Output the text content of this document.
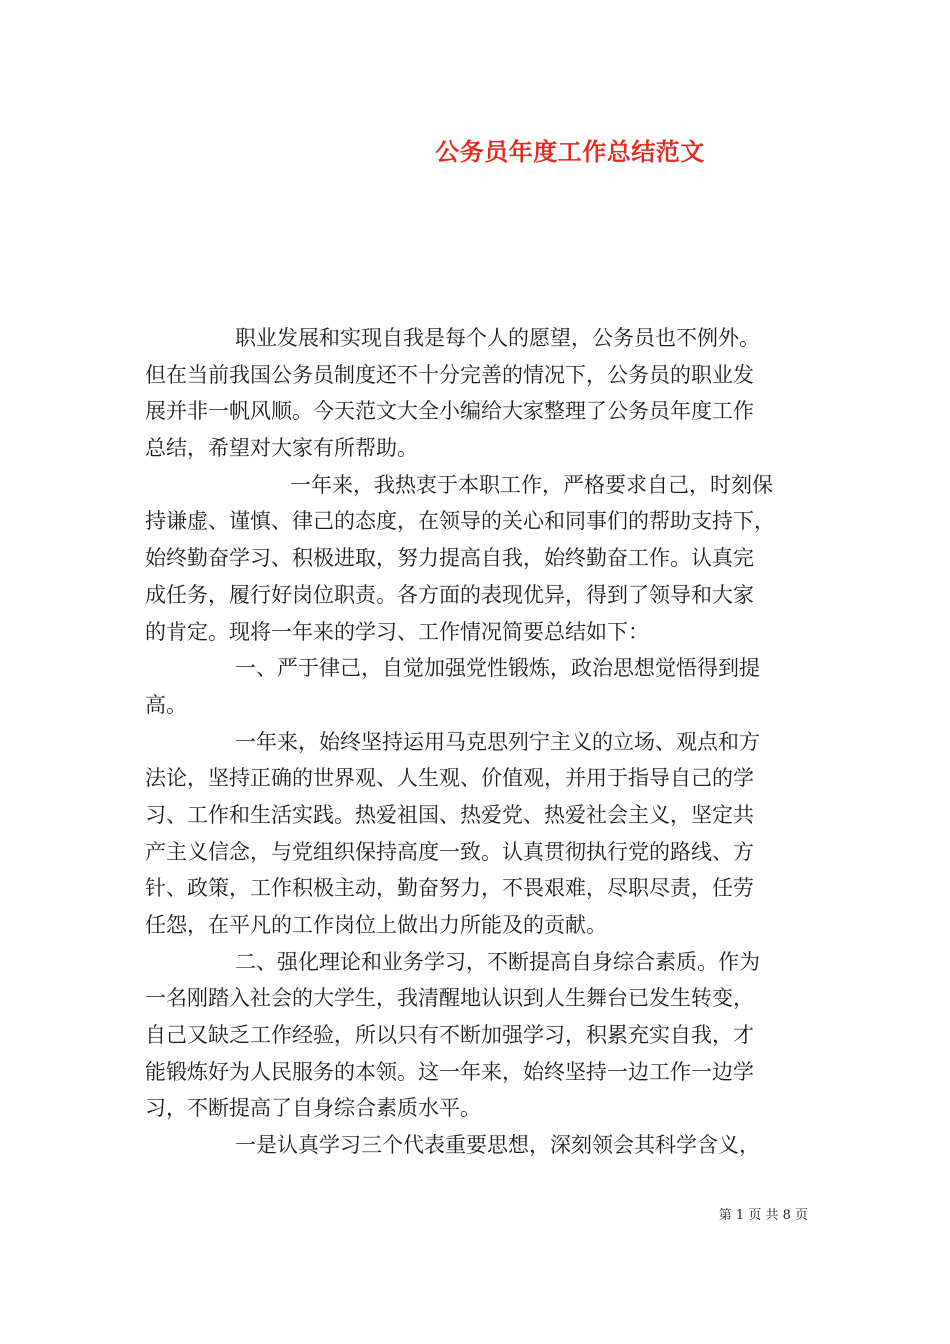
公务员年度工作总结范文
职业发展和实现自我是每个人的愿望，公务员也不例外。
但在当前我国公务员制度还不十分完善的情况下，公务员的职业发
展并非一帆风顺。今天范文大全小编给大家整理了公务员年度工作
总结，希望对大家有所帮助。
一年来，我热衷于本职工作，严格要求自己，时刻保
持谦虚、谨慎、律己的态度，在领导的关心和同事们的帮助支持下，
始终勤奋学习、积极进取，努力提高自我，始终勤奋工作。认真完
成任务，履行好岗位职责。各方面的表现优异，得到了领导和大家
的肯定。现将一年来的学习、工作情况简要总结如下：
一、严于律己，自觉加强党性锻炼，政治思想觉悟得到提
高。
一年来，始终坚持运用马克思列宁主义的立场、观点和方
法论，坚持正确的世界观、人生观、价值观，并用于指导自己的学
习、工作和生活实践。热爱祖国、热爱党、热爱社会主义，坚定共
产主义信念，与党组织保持高度一致。认真贯彻执行党的路线、方
针、政策，工作积极主动，勤奋努力，不畏艰难，尽职尽责，任劳
任怨，在平凡的工作岗位上做出力所能及的贡献。
二、强化理论和业务学习，不断提高自身综合素质。作为
一名刚踏入社会的大学生，我清醒地认识到人生舞台已发生转变，
自己又缺乏工作经验，所以只有不断加强学习，积累充实自我，才
能锻炼好为人民服务的本领。这一年来，始终坚持一边工作一边学
习，不断提高了自身综合素质水平。
一是认真学习三个代表重要思想，深刻领会其科学含义，
第 1 页 共 8 页
